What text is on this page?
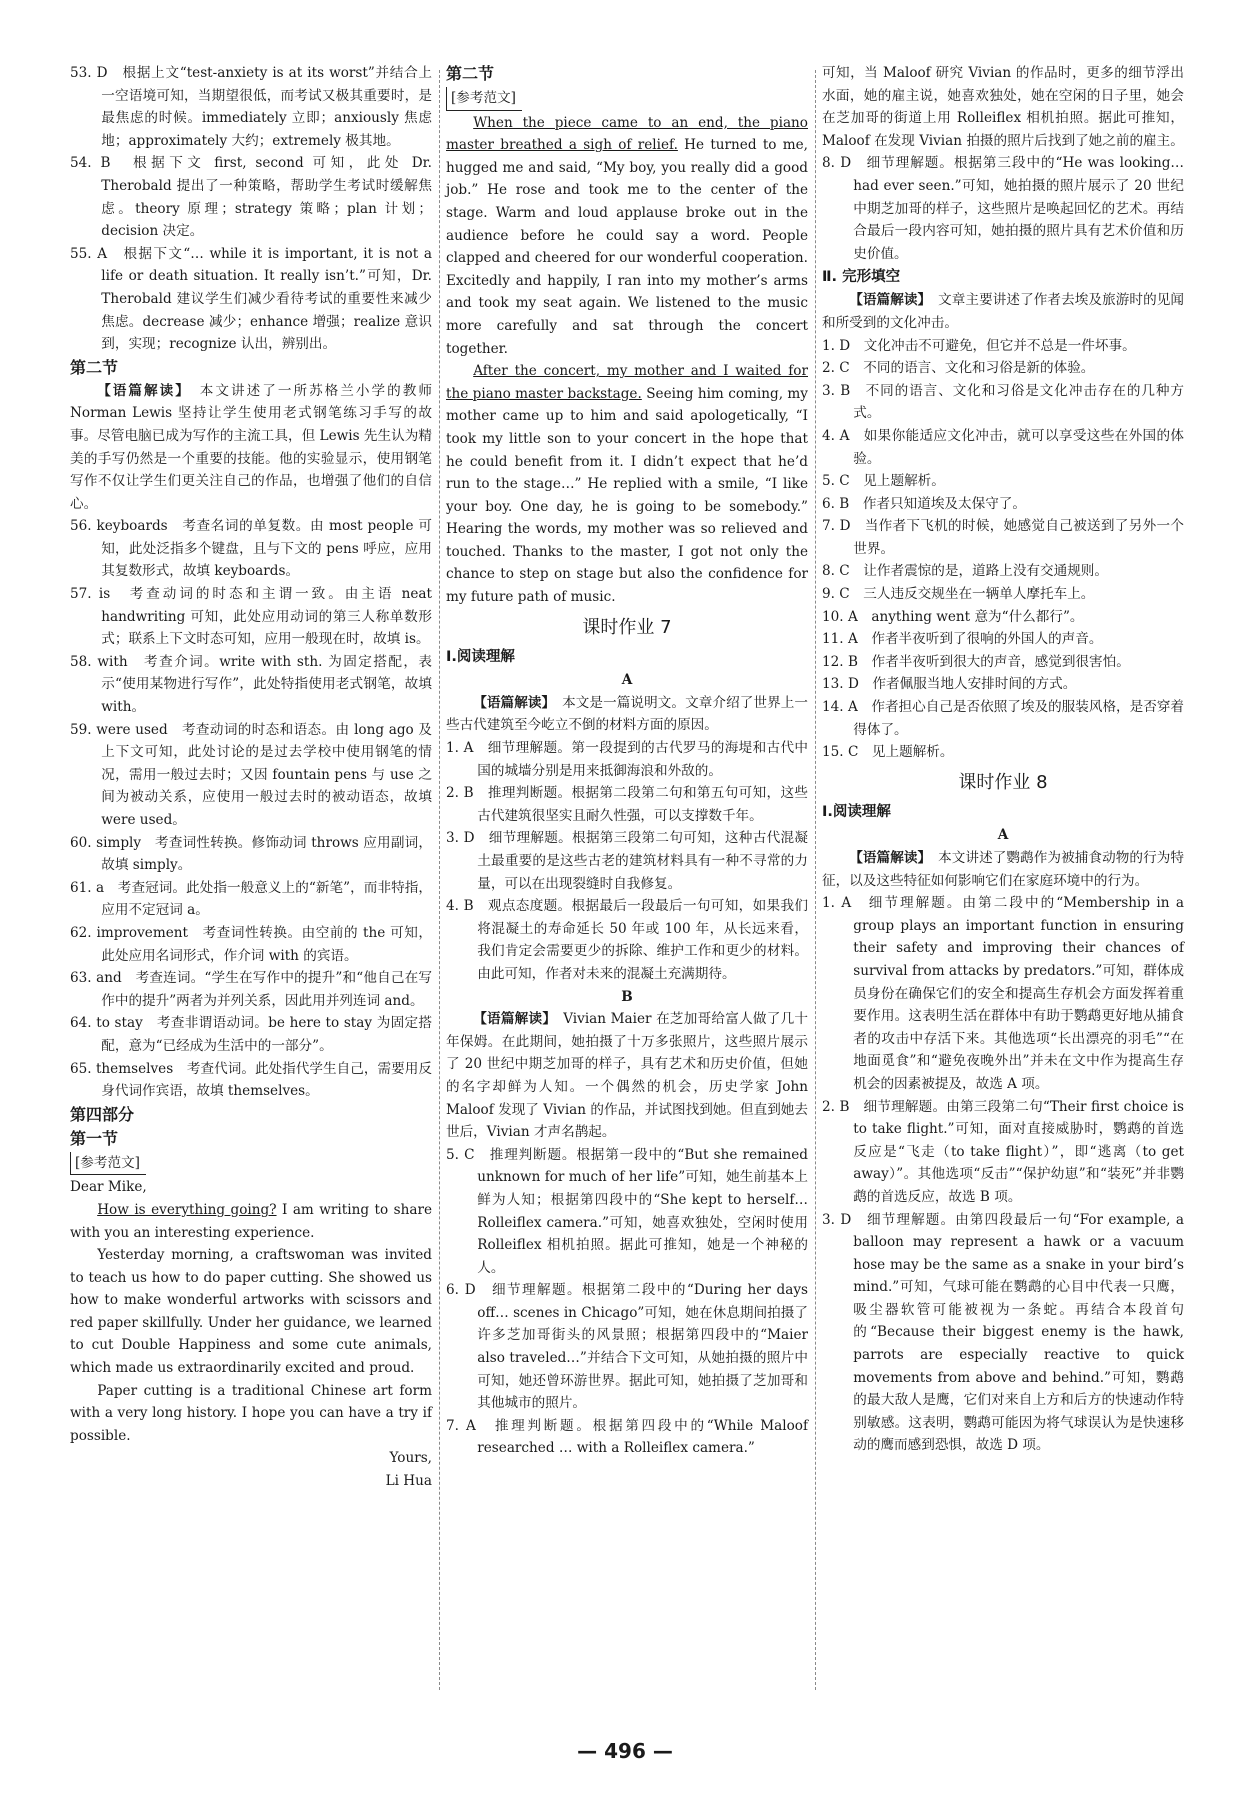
53. D　根据上文“test-anxiety is at its worst”并结合上一空语境可知，当期望很低，而考试又极其重要时，是最焦虑的时候。immediately 立即；anxiously 焦虑地；approximately 大约；extremely 极其地。

54. B　根据下文 first, second 可知，此处 Dr. Therobald 提出了一种策略，帮助学生考试时缓解焦虑。theory 原理；strategy 策略；plan 计划；decision 决定。

55. A　根据下文“… while it is important, it is not a life or death situation. It really isn’t.”可知，Dr. Therobald 建议学生们减少看待考试的重要性来减少焦虑。decrease 减少；enhance 增强；realize 意识到，实现；recognize 认出，辨别出。

第二节

【语篇解读】　本文讲述了一所苏格兰小学的教师 Norman Lewis 坚持让学生使用老式钢笔练习手写的故事。尽管电脑已成为写作的主流工具，但 Lewis 先生认为精美的手写仍然是一个重要的技能。他的实验显示，使用钢笔写作不仅让学生们更关注自己的作品，也增强了他们的自信心。

56. keyboards　考查名词的单复数。由 most people 可知，此处泛指多个键盘，且与下文的 pens 呼应，应用其复数形式，故填 keyboards。

57. is　考查动词的时态和主谓一致。由主语 neat handwriting 可知，此处应用动词的第三人称单数形式；联系上下文时态可知，应用一般现在时，故填 is。

58. with　考查介词。write with sth. 为固定搭配，表示“使用某物进行写作”，此处特指使用老式钢笔，故填 with。

59. were used　考查动词的时态和语态。由 long ago 及上下文可知，此处讨论的是过去学校中使用钢笔的情况，需用一般过去时；又因 fountain pens 与 use 之间为被动关系，应使用一般过去时的被动语态，故填 were used。

60. simply　考查词性转换。修饰动词 throws 应用副词，故填 simply。

61. a　考查冠词。此处指一般意义上的“新笔”，而非特指，应用不定冠词 a。

62. improvement　考查词性转换。由空前的 the 可知，此处应用名词形式，作介词 with 的宾语。

63. and　考查连词。“学生在写作中的提升”和“他自己在写作中的提升”两者为并列关系，因此用并列连词 and。

64. to stay　考查非谓语动词。be here to stay 为固定搭配，意为“已经成为生活中的一部分”。

65. themselves　考查代词。此处指代学生自己，需要用反身代词作宾语，故填 themselves。

第四部分

第一节

[参考范文]

Dear Mike,

How is everything going? I am writing to share with you an interesting experience.

Yesterday morning, a craftswoman was invited to teach us how to do paper cutting. She showed us how to make wonderful artworks with scissors and red paper skillfully. Under her guidance, we learned to cut Double Happiness and some cute animals, which made us extraordinarily excited and proud.

Paper cutting is a traditional Chinese art form with a very long history. I hope you can have a try if possible.

Yours,

Li Hua

第二节

[参考范文]

When the piece came to an end, the piano master breathed a sigh of relief. He turned to me, hugged me and said, “My boy, you really did a good job.” He rose and took me to the center of the stage. Warm and loud applause broke out in the audience before he could say a word. People clapped and cheered for our wonderful cooperation. Excitedly and happily, I ran into my mother’s arms and took my seat again. We listened to the music more carefully and sat through the concert together.

After the concert, my mother and I waited for the piano master backstage. Seeing him coming, my mother came up to him and said apologetically, “I took my little son to your concert in the hope that he could benefit from it. I didn’t expect that he’d run to the stage…” He replied with a smile, “I like your boy. One day, he is going to be somebody.” Hearing the words, my mother was so relieved and touched. Thanks to the master, I got not only the chance to step on stage but also the confidence for my future path of music.

课时作业 7

Ⅰ.阅读理解

A

【语篇解读】　本文是一篇说明文。文章介绍了世界上一些古代建筑至今屹立不倒的材料方面的原因。

1. A　细节理解题。第一段提到的古代罗马的海堤和古代中国的城墙分别是用来抵御海浪和外敌的。

2. B　推理判断题。根据第二段第二句和第五句可知，这些古代建筑很坚实且耐久性强，可以支撑数千年。

3. D　细节理解题。根据第三段第二句可知，这种古代混凝土最重要的是这些古老的建筑材料具有一种不寻常的力量，可以在出现裂缝时自我修复。

4. B　观点态度题。根据最后一段最后一句可知，如果我们将混凝土的寿命延长 50 年或 100 年，从长远来看，我们肯定会需要更少的拆除、维护工作和更少的材料。由此可知，作者对未来的混凝土充满期待。

B

【语篇解读】　Vivian Maier 在芝加哥给富人做了几十年保姆。在此期间，她拍摄了十万多张照片，这些照片展示了 20 世纪中期芝加哥的样子，具有艺术和历史价值，但她的名字却鲜为人知。一个偶然的机会，历史学家 John Maloof 发现了 Vivian 的作品，并试图找到她。但直到她去世后，Vivian 才声名鹊起。

5. C　推理判断题。根据第一段中的“But she remained unknown for much of her life”可知，她生前基本上鲜为人知；根据第四段中的“She kept to herself… Rolleiflex camera.”可知，她喜欢独处，空闲时使用 Rolleiflex 相机拍照。据此可推知，她是一个神秘的人。

6. D　细节理解题。根据第二段中的“During her days off… scenes in Chicago”可知，她在休息期间拍摄了许多芝加哥街头的风景照；根据第四段中的“Maier also traveled…”并结合下文可知，从她拍摄的照片中可知，她还曾环游世界。据此可知，她拍摄了芝加哥和其他城市的照片。

7. A　推理判断题。根据第四段中的“While Maloof researched … with a Rolleiflex camera.”

可知，当 Maloof 研究 Vivian 的作品时，更多的细节浮出水面，她的雇主说，她喜欢独处，她在空闲的日子里，她会在芝加哥的街道上用 Rolleiflex 相机拍照。据此可推知，Maloof 在发现 Vivian 拍摄的照片后找到了她之前的雇主。

8. D　细节理解题。根据第三段中的“He was looking… had ever seen.”可知，她拍摄的照片展示了 20 世纪中期芝加哥的样子，这些照片是唤起回忆的艺术。再结合最后一段内容可知，她拍摄的照片具有艺术价值和历史价值。

Ⅱ. 完形填空

【语篇解读】　文章主要讲述了作者去埃及旅游时的见闻和所受到的文化冲击。

1. D　文化冲击不可避免，但它并不总是一件坏事。

2. C　不同的语言、文化和习俗是新的体验。

3. B　不同的语言、文化和习俗是文化冲击存在的几种方式。

4. A　如果你能适应文化冲击，就可以享受这些在外国的体验。

5. C　见上题解析。

6. B　作者只知道埃及太保守了。

7. D　当作者下飞机的时候，她感觉自己被送到了另外一个世界。

8. C　让作者震惊的是，道路上没有交通规则。

9. C　三人违反交规坐在一辆单人摩托车上。

10. A　anything went 意为“什么都行”。

11. A　作者半夜听到了很响的外国人的声音。

12. B　作者半夜听到很大的声音，感觉到很害怕。

13. D　作者佩服当地人安排时间的方式。

14. A　作者担心自己是否依照了埃及的服装风格，是否穿着得体了。

15. C　见上题解析。

课时作业 8

Ⅰ.阅读理解

A

【语篇解读】　本文讲述了鹦鹉作为被捕食动物的行为特征，以及这些特征如何影响它们在家庭环境中的行为。

1. A　细节理解题。由第二段中的“Membership in a group plays an important function in ensuring their safety and improving their chances of survival from attacks by predators.”可知，群体成员身份在确保它们的安全和提高生存机会方面发挥着重要作用。这表明生活在群体中有助于鹦鹉更好地从捕食者的攻击中存活下来。其他选项“长出漂亮的羽毛”“在地面觅食”和“避免夜晚外出”并未在文中作为提高生存机会的因素被提及，故选 A 项。

2. B　细节理解题。由第三段第二句“Their first choice is to take flight.”可知，面对直接威胁时，鹦鹉的首选反应是“飞走（to take flight）”，即“逃离（to get away）”。其他选项“反击”“保护幼崽”和“装死”并非鹦鹉的首选反应，故选 B 项。

3. D　细节理解题。由第四段最后一句“For example, a balloon may represent a hawk or a vacuum hose may be the same as a snake in your bird’s mind.”可知，气球可能在鹦鹉的心目中代表一只鹰，吸尘器软管可能被视为一条蛇。再结合本段首句的“Because their biggest enemy is the hawk, parrots are especially reactive to quick movements from above and behind.”可知，鹦鹉的最大敌人是鹰，它们对来自上方和后方的快速动作特别敏感。这表明，鹦鹉可能因为将气球误认为是快速移动的鹰而感到恐惧，故选 D 项。

— 496 —
